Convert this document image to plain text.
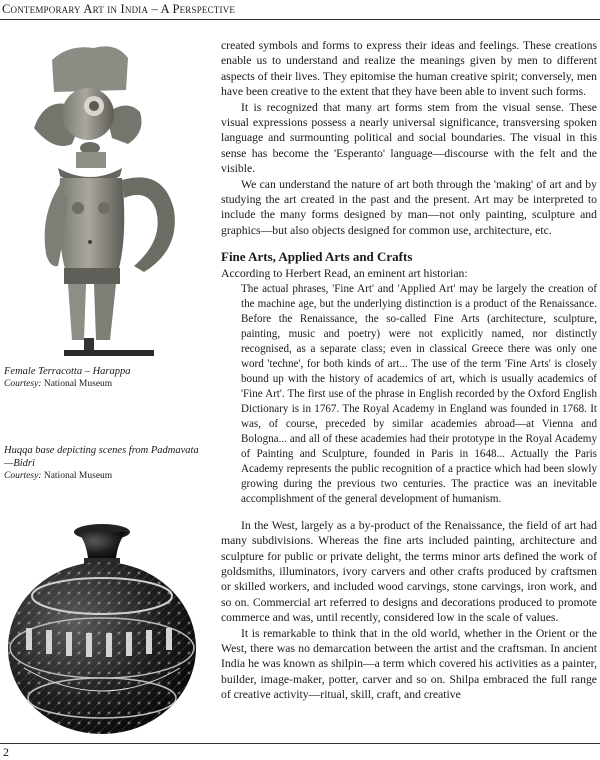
Contemporary Art in India – A Perspective
Female Terracotta – Harappa
Courtesy: National Museum
Huqqa base depicting scenes from Padmavata—Bidri
Courtesy: National Museum

created symbols and forms to express their ideas and feelings. These creations enable us to understand and realize the meanings given by men to different aspects of their lives. They epitomise the human creative spirit; conversely, men have been creative to the extent that they have been able to invent such forms.

It is recognized that many art forms stem from the visual sense. These visual expressions possess a nearly universal significance, transversing spoken language and surmounting political and social boundaries. The visual in this sense has become the 'Esperanto' language—discourse with the felt and the visible.

We can understand the nature of art both through the 'making' of art and by studying the art created in the past and the present. Art may be interpreted to include the many forms designed by man—not only painting, sculpture and graphics—but also objects designed for common use, architecture, etc.

Fine Arts, Applied Arts and Crafts

According to Herbert Read, an eminent art historian:

The actual phrases, 'Fine Art' and 'Applied Art' may be largely the creation of the machine age, but the underlying distinction is a product of the Renaissance. Before the Renaissance, the so-called Fine Arts (architecture, sculpture, painting, music and poetry) were not explicitly named, nor distinctly recognised, as a separate class; even in classical Greece there was only one word 'techne', for both kinds of art... The use of the term 'Fine Arts' is closely bound up with the history of academics of art, which is usually academics of 'Fine Art'. The first use of the phrase in English recorded by the Oxford English Dictionary is in 1767. The Royal Academy in England was founded in 1768. It was, of course, preceded by similar academies abroad—at Vienna and Bologna... and all of these academies had their prototype in the Royal Academy of Painting and Sculpture, founded in Paris in 1648... Actually the Paris Academy represents the public recognition of a practice which had been slowly growing during the previous two centuries. The practice was an inevitable accomplishment of the general development of humanism.

In the West, largely as a by-product of the Renaissance, the field of art had many subdivisions. Whereas the fine arts included painting, architecture and sculpture for public or private delight, the terms minor arts defined the work of goldsmiths, illuminators, ivory carvers and other crafts produced by craftsmen or skilled workers, and included wood carvings, stone carvings, iron work, and so on. Commercial art referred to designs and decorations produced to promote commerce and was, until recently, considered low in the scale of values.

It is remarkable to think that in the old world, whether in the Orient or the West, there was no demarcation between the artist and the craftsman. In ancient India he was known as shilpin—a term which covered his activities as a painter, builder, image-maker, potter, carver and so on. Shilpa embraced the full range of creative activity—ritual, skill, craft, and creative

2
